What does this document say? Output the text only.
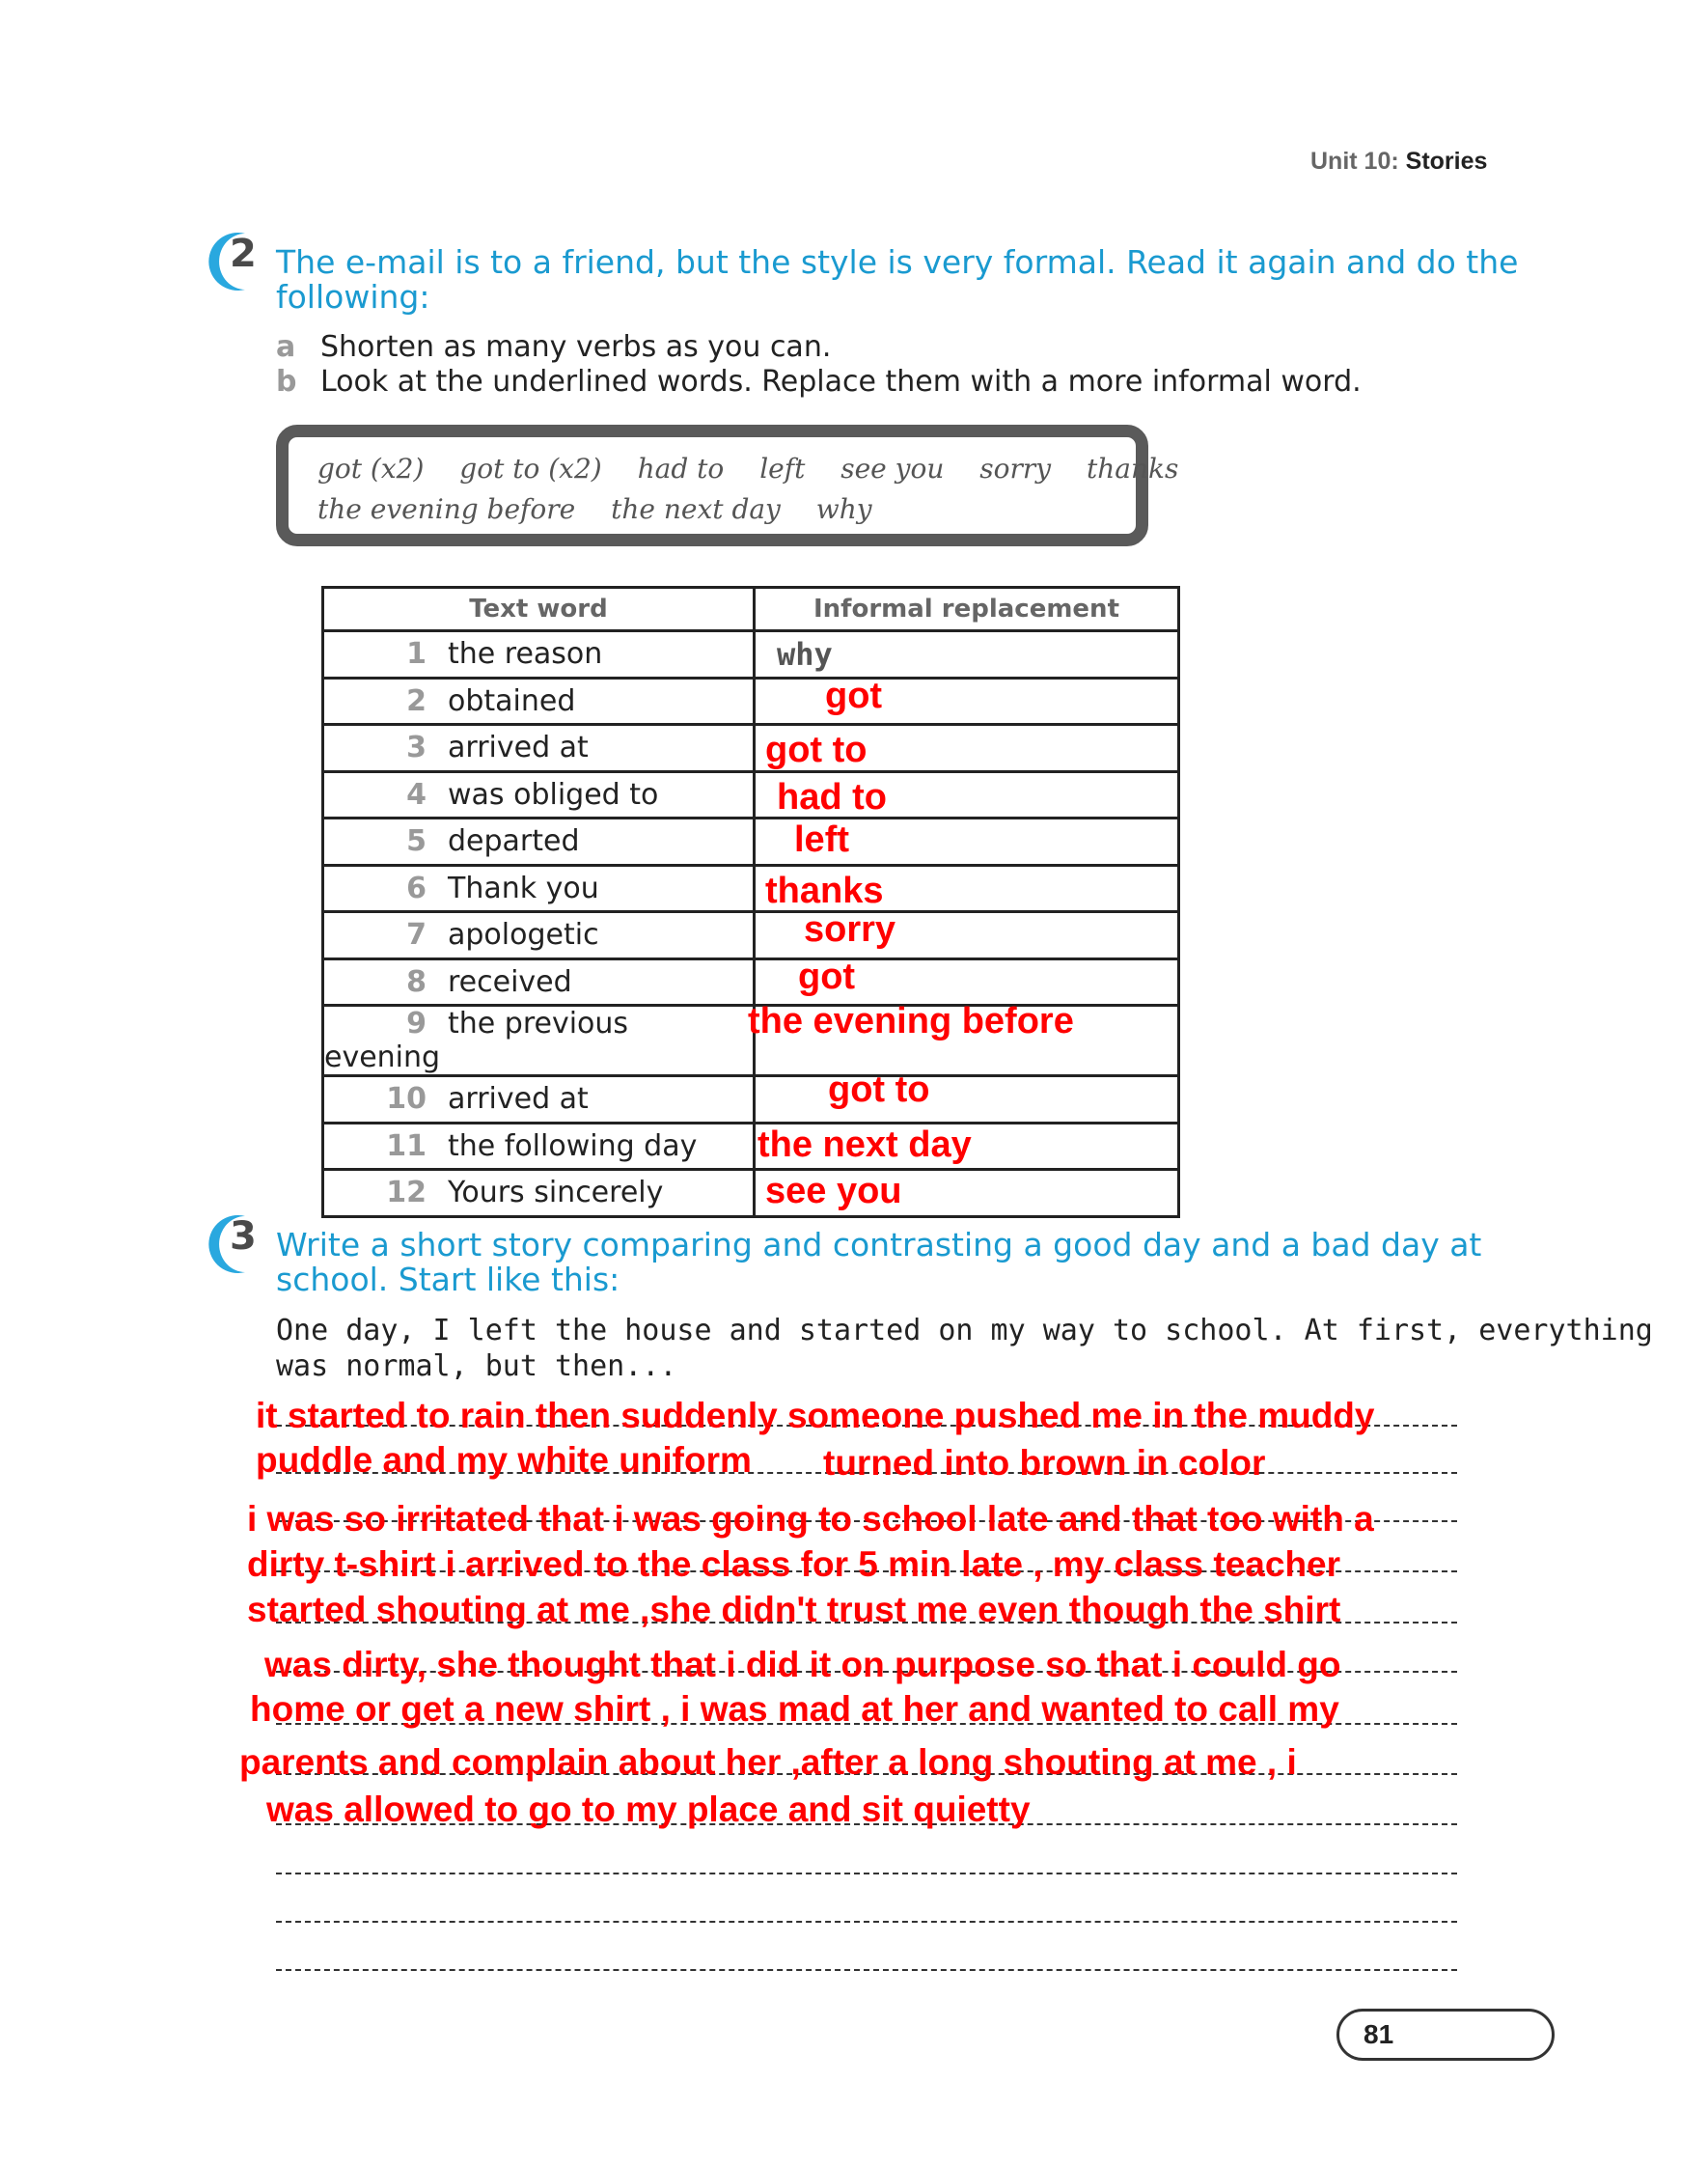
Unit 10: Stories
2 The e-mail is to a friend, but the style is very formal. Read it again and do the
following:
a Shorten as many verbs as you can.
b Look at the underlined words. Replace them with a more informal word.
got (x2) got to (x2) had to left see you sorry thanks
the evening before the next day why
Text word	Informal replacement
1 the reason	why

2 obtained	got

3 arrived at	got to

4 was obliged to	had to

5 departed	left

6 Thank you	thanks

7 apologetic	sorry

8 received	got

9 the previous evening	the evening before

10 arrived at	got to

11 the following day	the next day

12 Yours sincerely	see you
3 Write a short story comparing and contrasting a good day and a bad day at
school. Start like this:
One day, I left the house and started on my way to school. At first, everything
was normal, but then...
it started to rain then suddenly someone pushed me in the muddy
puddle and my white uniform turned into brown in color
i was so irritated that i was going to school late and that too with a
dirty t-shirt i arrived to the class for 5 min late , my class teacher
started shouting at me ,she didn't trust me even though the shirt
was dirty, she thought that i did it on purpose so that i could go
home or get a new shirt , i was mad at her and wanted to call my
parents and complain about her ,after a long shouting at me , i
was allowed to go to my place and sit quietty
81
